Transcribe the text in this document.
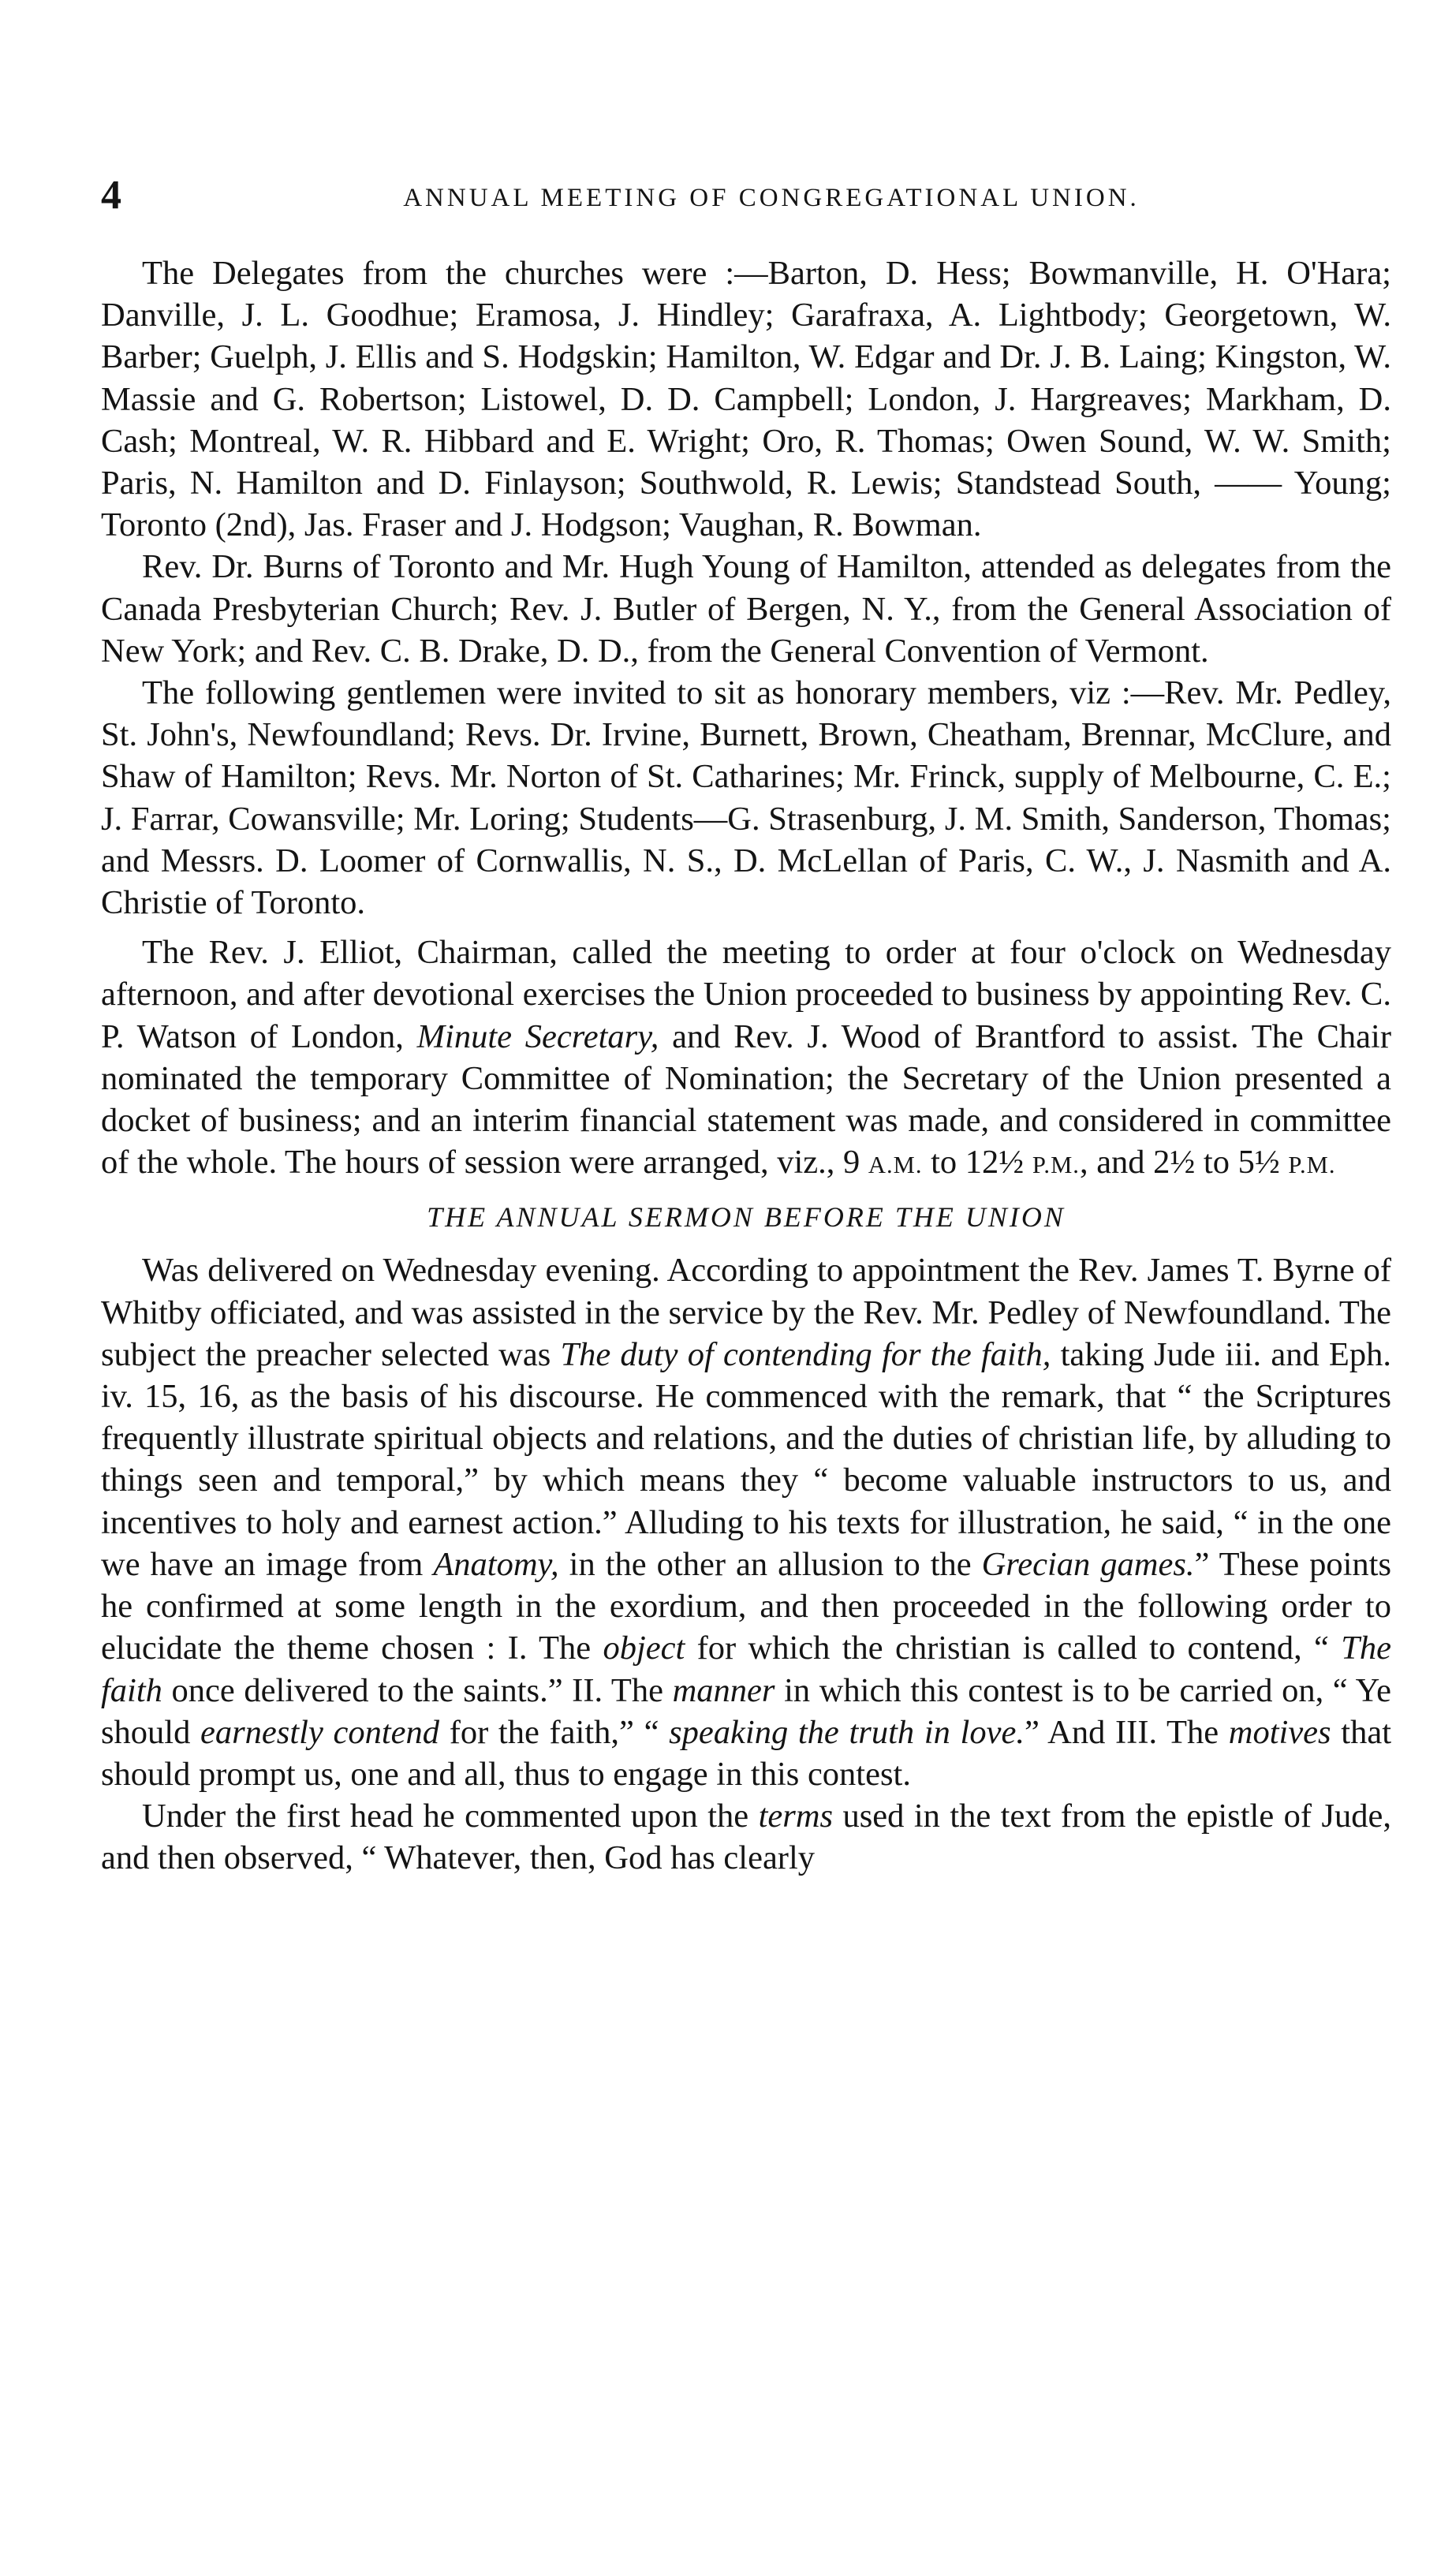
4	ANNUAL MEETING OF CONGREGATIONAL UNION.

The Delegates from the churches were :—Barton, D. Hess; Bowmanville, H. O'Hara; Danville, J. L. Goodhue; Eramosa, J. Hindley; Garafraxa, A. Lightbody; Georgetown, W. Barber; Guelph, J. Ellis and S. Hodgskin; Hamilton, W. Edgar and Dr. J. B. Laing; Kingston, W. Massie and G. Robertson; Listowel, D. D. Campbell; London, J. Hargreaves; Markham, D. Cash; Montreal, W. R. Hibbard and E. Wright; Oro, R. Thomas; Owen Sound, W. W. Smith; Paris, N. Hamilton and D. Finlayson; Southwold, R. Lewis; Standstead South, —— Young; Toronto (2nd), Jas. Fraser and J. Hodgson; Vaughan, R. Bowman.

Rev. Dr. Burns of Toronto and Mr. Hugh Young of Hamilton, attended as delegates from the Canada Presbyterian Church; Rev. J. Butler of Bergen, N. Y., from the General Association of New York; and Rev. C. B. Drake, D. D., from the General Convention of Vermont.

The following gentlemen were invited to sit as honorary members, viz :—Rev. Mr. Pedley, St. John's, Newfoundland; Revs. Dr. Irvine, Burnett, Brown, Cheatham, Brennar, McClure, and Shaw of Hamilton; Revs. Mr. Norton of St. Catharines; Mr. Frinck, supply of Melbourne, C. E.; J. Farrar, Cowansville; Mr. Loring; Students—G. Strasenburg, J. M. Smith, Sanderson, Thomas; and Messrs. D. Loomer of Cornwallis, N. S., D. McLellan of Paris, C. W., J. Nasmith and A. Christie of Toronto.

The Rev. J. Elliot, Chairman, called the meeting to order at four o'clock on Wednesday afternoon, and after devotional exercises the Union proceeded to business by appointing Rev. C. P. Watson of London, Minute Secretary, and Rev. J. Wood of Brantford to assist. The Chair nominated the temporary Committee of Nomination; the Secretary of the Union presented a docket of business; and an interim financial statement was made, and considered in committee of the whole. The hours of session were arranged, viz., 9 A.M. to 12½ P.M., and 2½ to 5½ P.M.

THE ANNUAL SERMON BEFORE THE UNION

Was delivered on Wednesday evening. According to appointment the Rev. James T. Byrne of Whitby officiated, and was assisted in the service by the Rev. Mr. Pedley of Newfoundland. The subject the preacher selected was The duty of contending for the faith, taking Jude iii. and Eph. iv. 15, 16, as the basis of his discourse. He commenced with the remark, that “ the Scriptures frequently illustrate spiritual objects and relations, and the duties of christian life, by alluding to things seen and temporal,” by which means they “ become valuable instructors to us, and incentives to holy and earnest action.” Alluding to his texts for illustration, he said, “ in the one we have an image from Anatomy, in the other an allusion to the Grecian games.” These points he confirmed at some length in the exordium, and then proceeded in the following order to elucidate the theme chosen : I. The object for which the christian is called to contend, “ The faith once delivered to the saints.” II. The manner in which this contest is to be carried on, “ Ye should earnestly contend for the faith,” “ speaking the truth in love.” And III. The motives that should prompt us, one and all, thus to engage in this contest.

Under the first head he commented upon the terms used in the text from the epistle of Jude, and then observed, “ Whatever, then, God has clearly
